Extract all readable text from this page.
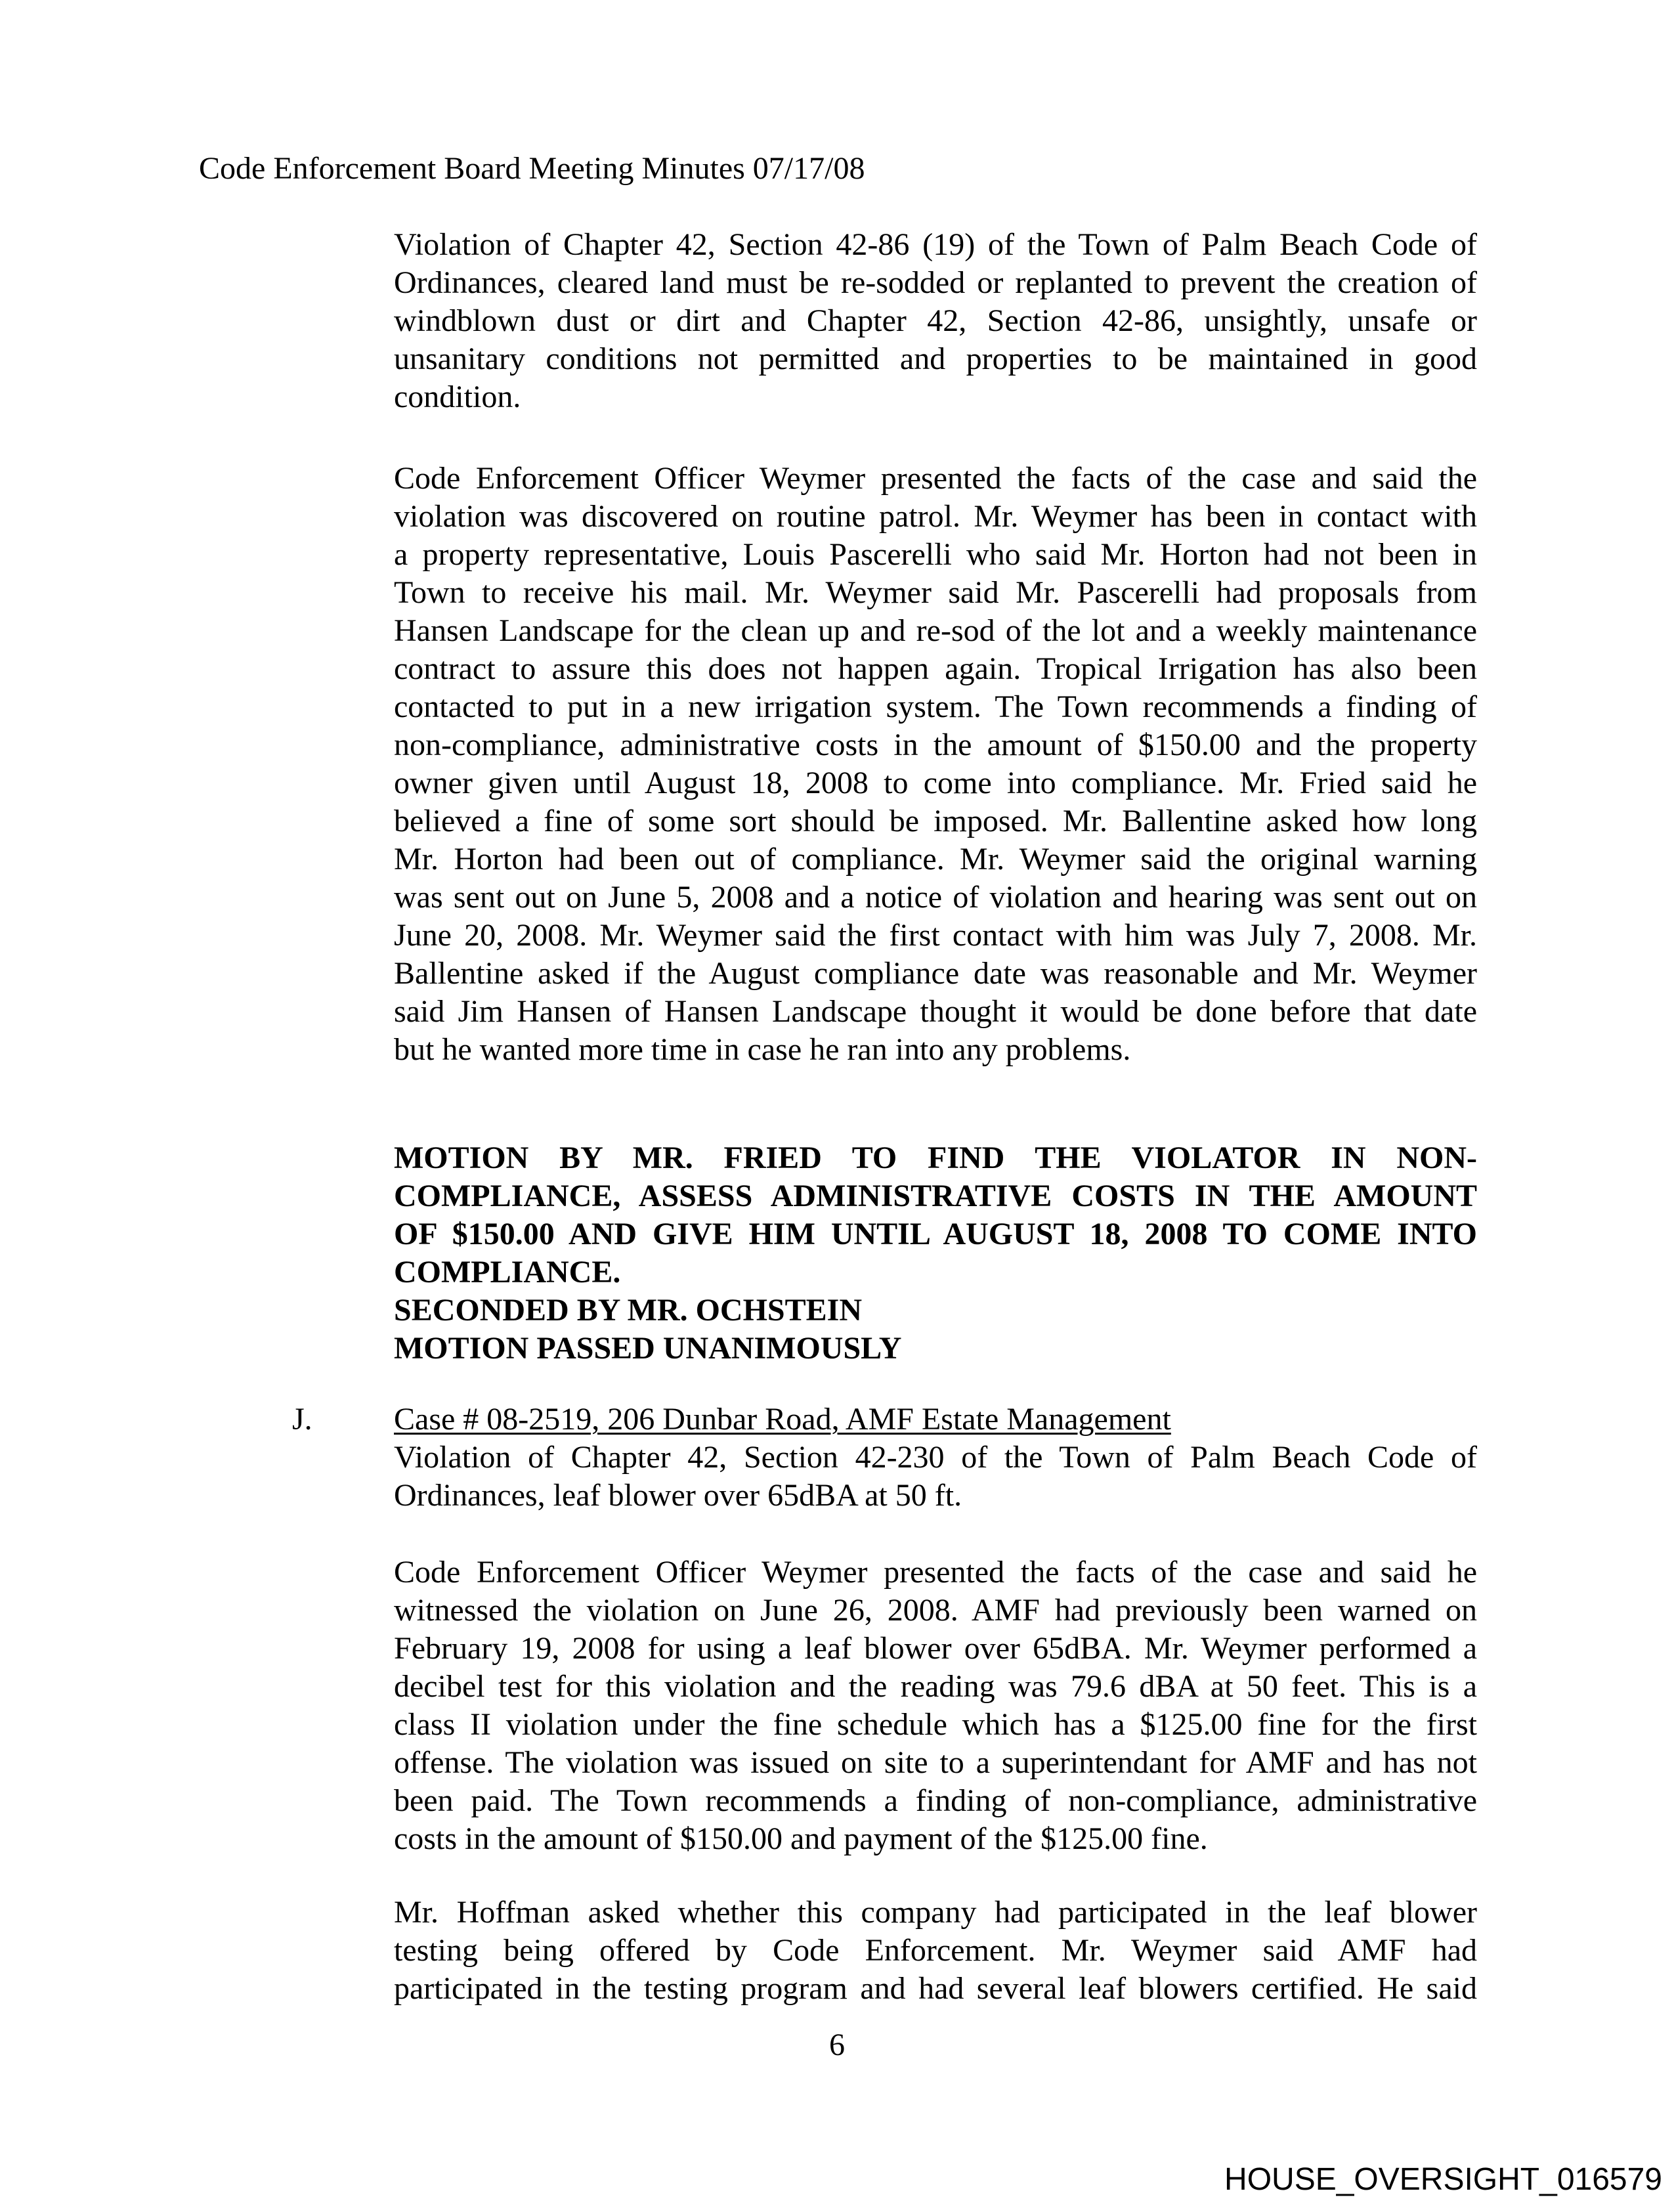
Code Enforcement Board Meeting Minutes 07/17/08
Violation of Chapter 42, Section 42-86 (19) of the Town of Palm Beach Code of
Ordinances, cleared land must be re-sodded or replanted to prevent the creation of
windblown dust or dirt and Chapter 42, Section 42-86, unsightly, unsafe or
unsanitary conditions not permitted and properties to be maintained in good
condition.
Code Enforcement Officer Weymer presented the facts of the case and said the
violation was discovered on routine patrol. Mr. Weymer has been in contact with
a property representative, Louis Pascerelli who said Mr. Horton had not been in
Town to receive his mail. Mr. Weymer said Mr. Pascerelli had proposals from
Hansen Landscape for the clean up and re-sod of the lot and a weekly maintenance
contract to assure this does not happen again. Tropical Irrigation has also been
contacted to put in a new irrigation system. The Town recommends a finding of
non-compliance, administrative costs in the amount of $150.00 and the property
owner given until August 18, 2008 to come into compliance. Mr. Fried said he
believed a fine of some sort should be imposed. Mr. Ballentine asked how long
Mr. Horton had been out of compliance. Mr. Weymer said the original warning
was sent out on June 5, 2008 and a notice of violation and hearing was sent out on
June 20, 2008. Mr. Weymer said the first contact with him was July 7, 2008. Mr.
Ballentine asked if the August compliance date was reasonable and Mr. Weymer
said Jim Hansen of Hansen Landscape thought it would be done before that date
but he wanted more time in case he ran into any problems.
MOTION BY MR. FRIED TO FIND THE VIOLATOR IN NON-
COMPLIANCE, ASSESS ADMINISTRATIVE COSTS IN THE AMOUNT
OF $150.00 AND GIVE HIM UNTIL AUGUST 18, 2008 TO COME INTO
COMPLIANCE.
SECONDED BY MR. OCHSTEIN
MOTION PASSED UNANIMOUSLY
J.	Case # 08-2519, 206 Dunbar Road, AMF Estate Management
Violation of Chapter 42, Section 42-230 of the Town of Palm Beach Code of
Ordinances, leaf blower over 65dBA at 50 ft.
Code Enforcement Officer Weymer presented the facts of the case and said he
witnessed the violation on June 26, 2008. AMF had previously been warned on
February 19, 2008 for using a leaf blower over 65dBA. Mr. Weymer performed a
decibel test for this violation and the reading was 79.6 dBA at 50 feet. This is a
class II violation under the fine schedule which has a $125.00 fine for the first
offense. The violation was issued on site to a superintendant for AMF and has not
been paid. The Town recommends a finding of non-compliance, administrative
costs in the amount of $150.00 and payment of the $125.00 fine.
Mr. Hoffman asked whether this company had participated in the leaf blower
testing being offered by Code Enforcement. Mr. Weymer said AMF had
participated in the testing program and had several leaf blowers certified. He said
6
HOUSE_OVERSIGHT_016579
